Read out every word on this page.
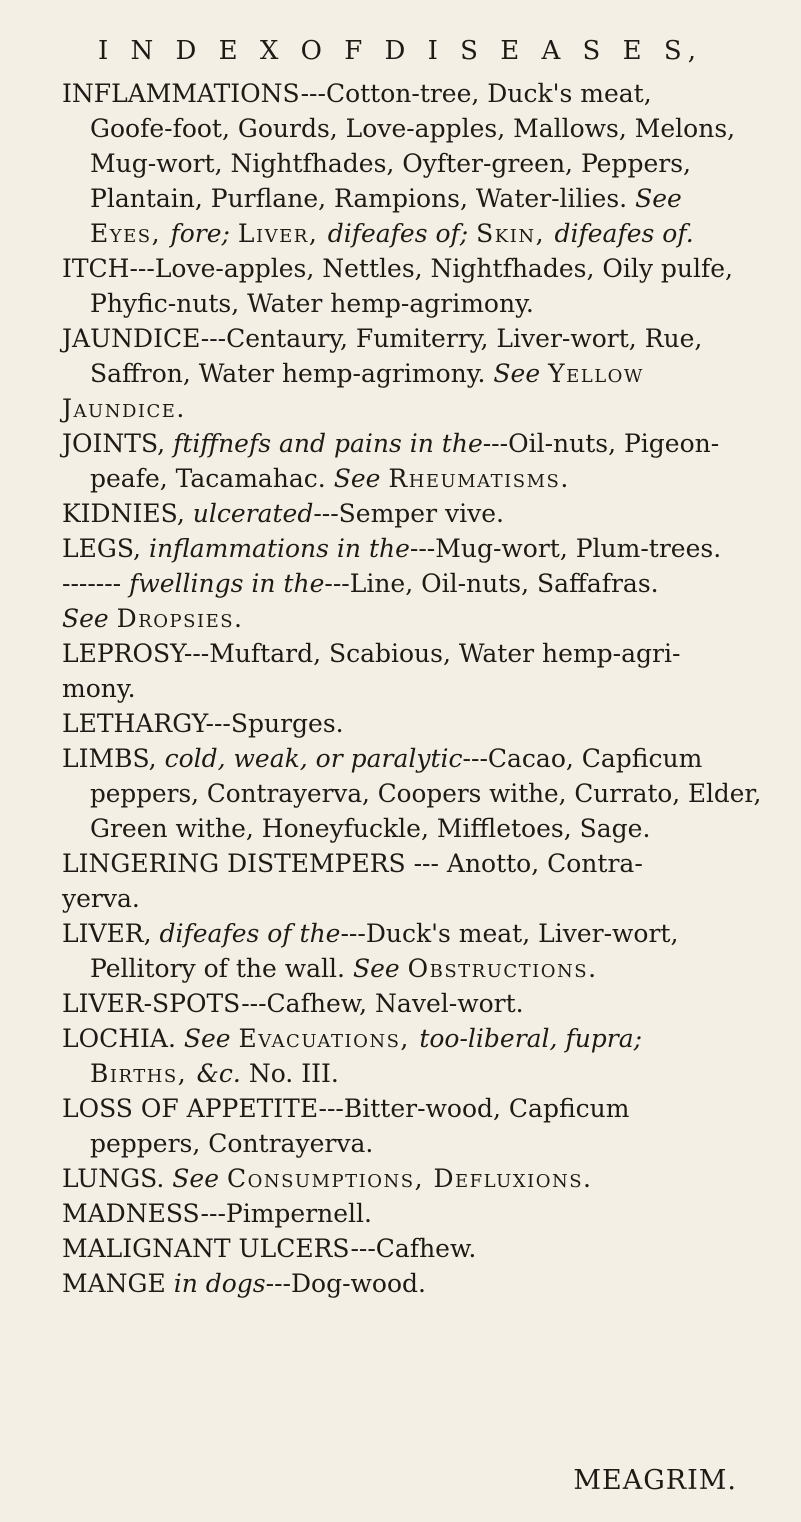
I N D E X O F D I S E A S E S,
INFLAMMATIONS---Cotton-tree, Duck's meat,
Goofe-foot, Gourds, Love-apples, Mallows, Melons,
Mug-wort, Nightfhades, Oyfter-green, Peppers,
Plantain, Purflane, Rampions, Water-lilies. See
Eyes, fore; Liver, difeafes of; Skin, difeafes of.
ITCH---Love-apples, Nettles, Nightfhades, Oily pulfe,
Phyfic-nuts, Water hemp-agrimony.
JAUNDICE---Centaury, Fumiterry, Liver-wort, Rue,
Saffron, Water hemp-agrimony. See Yellow
Jaundice.
JOINTS, ftiffnefs and pains in the---Oil-nuts, Pigeon-
peafe, Tacamahac. See Rheumatisms.
KIDNIES, ulcerated---Semper vive.
LEGS, inflammations in the---Mug-wort, Plum-trees.
------- fwellings in the---Line, Oil-nuts, Saffafras.
See Dropsies.
LEPROSY---Muftard, Scabious, Water hemp-agri-
mony.
LETHARGY---Spurges.
LIMBS, cold, weak, or paralytic---Cacao, Capficum
peppers, Contrayerva, Coopers withe, Currato, Elder,
Green withe, Honeyfuckle, Miffletoes, Sage.
LINGERING DISTEMPERS --- Anotto, Contra-
yerva.
LIVER, difeafes of the---Duck's meat, Liver-wort,
Pellitory of the wall. See Obstructions.
LIVER-SPOTS---Cafhew, Navel-wort.
LOCHIA. See Evacuations, too-liberal, fupra;
Births, &c. No. III.
LOSS OF APPETITE---Bitter-wood, Capficum
peppers, Contrayerva.
LUNGS. See Consumptions, Defluxions.
MADNESS---Pimpernell.
MALIGNANT ULCERS---Cafhew.
MANGE in dogs---Dog-wood.
MEAGRIM.
